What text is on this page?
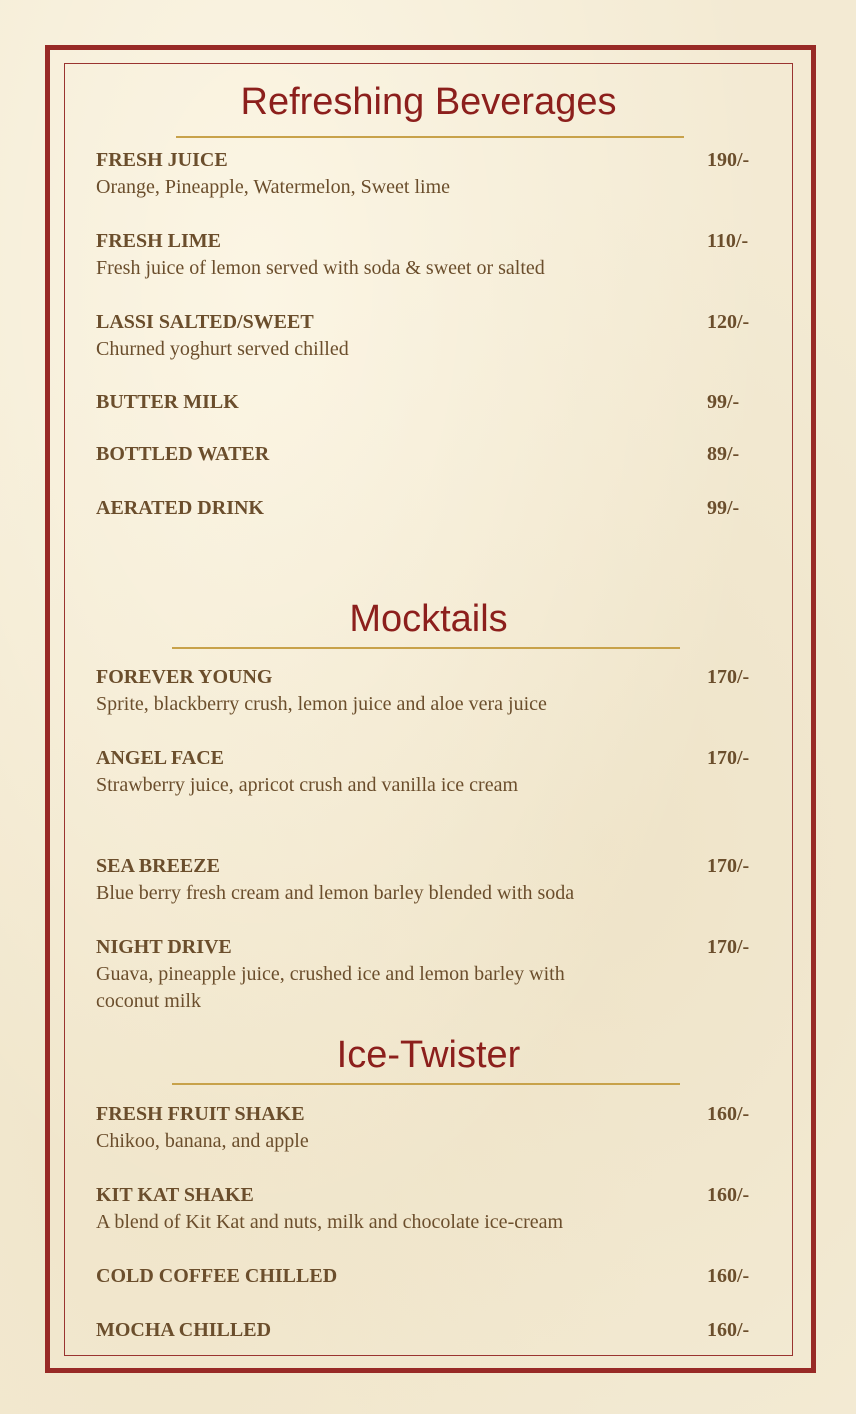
Refreshing Beverages
FRESH JUICE	190/-
Orange, Pineapple, Watermelon, Sweet lime
FRESH LIME	110/-
Fresh juice of lemon served with soda & sweet or salted
LASSI SALTED/SWEET	120/-
Churned yoghurt served chilled
BUTTER MILK	99/-
BOTTLED WATER	89/-
AERATED DRINK	99/-
Mocktails
FOREVER YOUNG	170/-
Sprite, blackberry crush, lemon juice and aloe vera juice
ANGEL FACE	170/-
Strawberry juice, apricot crush and vanilla ice cream
SEA BREEZE	170/-
Blue berry fresh cream and lemon barley blended with soda
NIGHT DRIVE	170/-
Guava, pineapple juice, crushed ice and lemon barley with coconut milk
Ice-Twister
FRESH FRUIT SHAKE	160/-
Chikoo, banana, and apple
KIT KAT SHAKE	160/-
A blend of Kit Kat and nuts, milk and chocolate ice-cream
COLD COFFEE CHILLED	160/-
MOCHA CHILLED	160/-
